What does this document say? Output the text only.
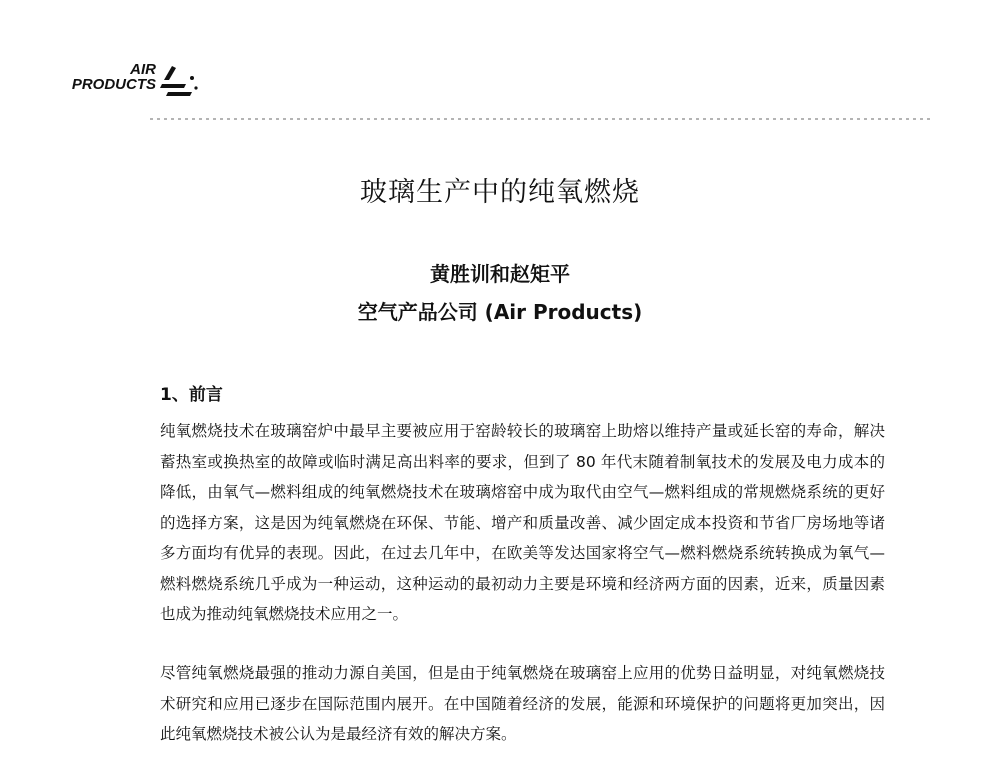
AIR
PRODUCTS
玻璃生产中的纯氧燃烧
黄胜训和赵矩平
空气产品公司 (Air Products)
1、前言

纯氧燃烧技术在玻璃窑炉中最早主要被应用于窑龄较长的玻璃窑上助熔以维持产量或延长窑的寿命，解决蓄热室或换热室的故障或临时满足高出料率的要求，但到了 80 年代末随着制氧技术的发展及电力成本的降低，由氧气—燃料组成的纯氧燃烧技术在玻璃熔窑中成为取代由空气—燃料组成的常规燃烧系统的更好的选择方案，这是因为纯氧燃烧在环保、节能、增产和质量改善、减少固定成本投资和节省厂房场地等诸多方面均有优异的表现。因此，在过去几年中，在欧美等发达国家将空气—燃料燃烧系统转换成为氧气—燃料燃烧系统几乎成为一种运动，这种运动的最初动力主要是环境和经济两方面的因素，近来，质量因素也成为推动纯氧燃烧技术应用之一。

尽管纯氧燃烧最强的推动力源自美国，但是由于纯氧燃烧在玻璃窑上应用的优势日益明显，对纯氧燃烧技术研究和应用已逐步在国际范围内展开。在中国随着经济的发展，能源和环境保护的问题将更加突出，因此纯氧燃烧技术被公认为是最经济有效的解决方案。
